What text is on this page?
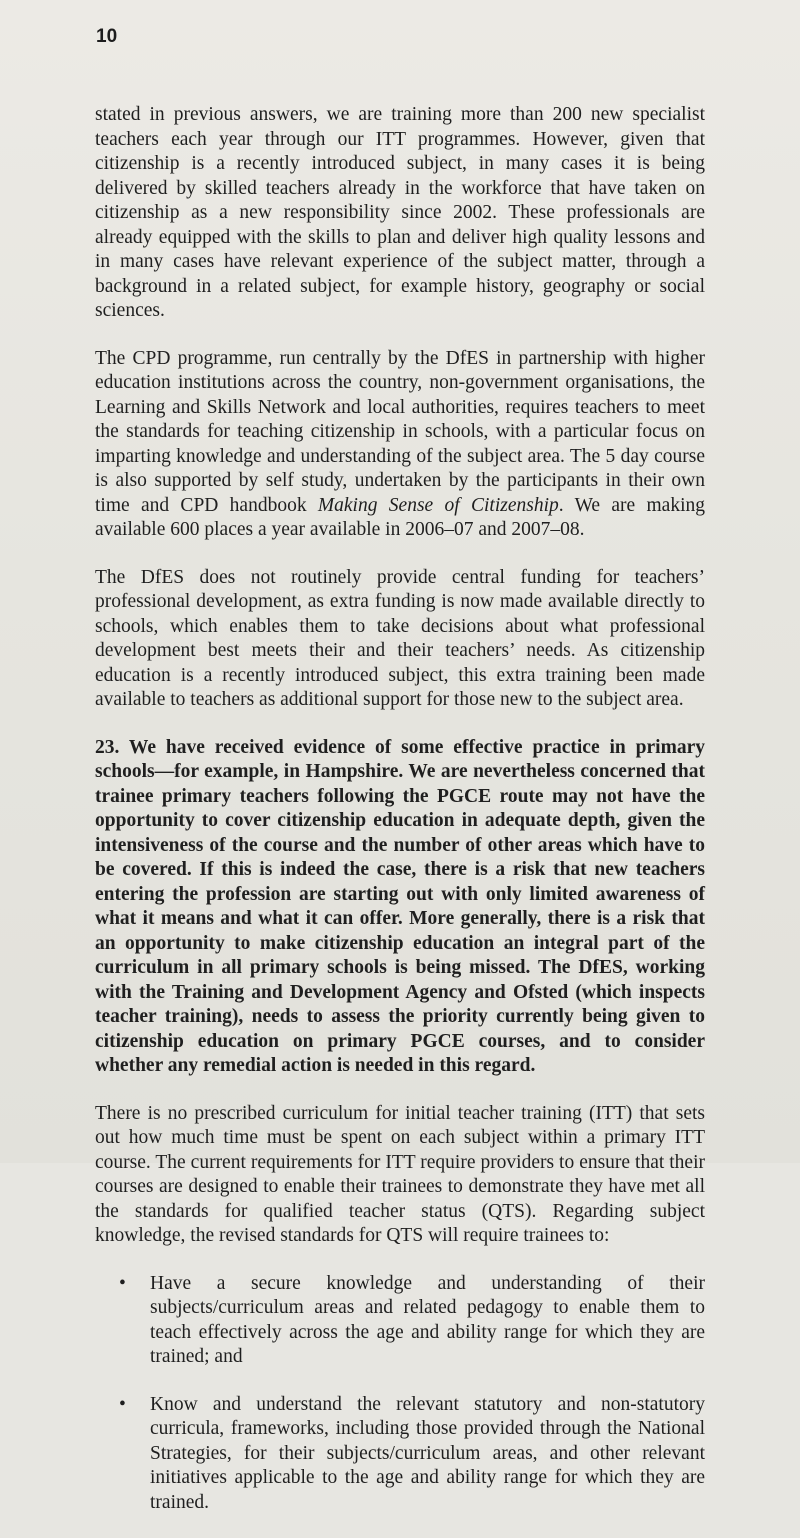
10

stated in previous answers, we are training more than 200 new specialist teachers each year through our ITT programmes. However, given that citizenship is a recently introduced subject, in many cases it is being delivered by skilled teachers already in the workforce that have taken on citizenship as a new responsibility since 2002. These professionals are already equipped with the skills to plan and deliver high quality lessons and in many cases have relevant experience of the subject matter, through a background in a related subject, for example history, geography or social sciences.

The CPD programme, run centrally by the DfES in partnership with higher education institutions across the country, non-government organisations, the Learning and Skills Network and local authorities, requires teachers to meet the standards for teaching citizenship in schools, with a particular focus on imparting knowledge and understanding of the subject area. The 5 day course is also supported by self study, undertaken by the participants in their own time and CPD handbook Making Sense of Citizenship. We are making available 600 places a year available in 2006–07 and 2007–08.

The DfES does not routinely provide central funding for teachers’ professional development, as extra funding is now made available directly to schools, which enables them to take decisions about what professional development best meets their and their teachers’ needs. As citizenship education is a recently introduced subject, this extra training been made available to teachers as additional support for those new to the subject area.

23. We have received evidence of some effective practice in primary schools—for example, in Hampshire. We are nevertheless concerned that trainee primary teachers following the PGCE route may not have the opportunity to cover citizenship education in adequate depth, given the intensiveness of the course and the number of other areas which have to be covered. If this is indeed the case, there is a risk that new teachers entering the profession are starting out with only limited awareness of what it means and what it can offer. More generally, there is a risk that an opportunity to make citizenship education an integral part of the curriculum in all primary schools is being missed. The DfES, working with the Training and Development Agency and Ofsted (which inspects teacher training), needs to assess the priority currently being given to citizenship education on primary PGCE courses, and to consider whether any remedial action is needed in this regard.

There is no prescribed curriculum for initial teacher training (ITT) that sets out how much time must be spent on each subject within a primary ITT course. The current requirements for ITT require providers to ensure that their courses are designed to enable their trainees to demonstrate they have met all the standards for qualified teacher status (QTS). Regarding subject knowledge, the revised standards for QTS will require trainees to:

• Have a secure knowledge and understanding of their subjects/curriculum areas and related pedagogy to enable them to teach effectively across the age and ability range for which they are trained; and
• Know and understand the relevant statutory and non-statutory curricula, frameworks, including those provided through the National Strategies, for their subjects/curriculum areas, and other relevant initiatives applicable to the age and ability range for which they are trained.
